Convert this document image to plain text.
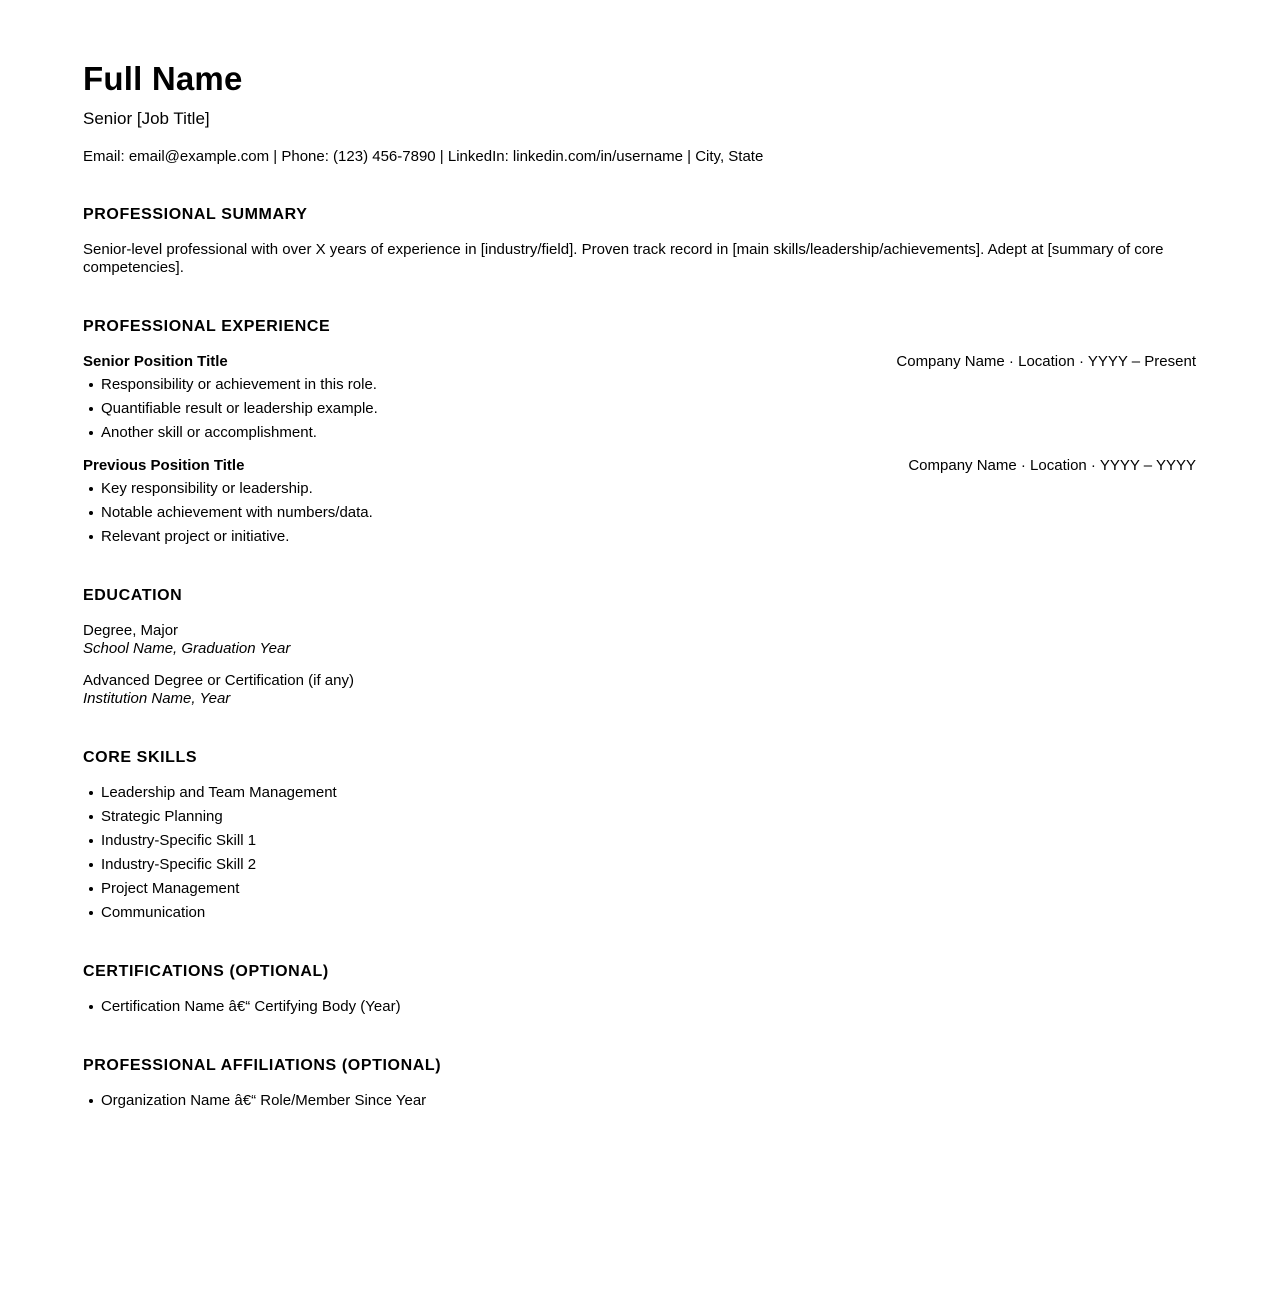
Full Name

Senior [Job Title]

Email: email@example.com | Phone: (123) 456-7890 | LinkedIn: linkedin.com/in/username | City, State

PROFESSIONAL SUMMARY

Senior-level professional with over X years of experience in [industry/field]. Proven track record in [main skills/leadership/achievements]. Adept at [summary of core competencies].

PROFESSIONAL EXPERIENCE
Senior Position Title	Company Name · Location · YYYY – Present
Responsibility or achievement in this role.
Quantifiable result or leadership example.
Another skill or accomplishment.
Previous Position Title	Company Name · Location · YYYY – YYYY
Key responsibility or leadership.
Notable achievement with numbers/data.
Relevant project or initiative.
EDUCATION
Degree, Major
School Name, Graduation Year
Advanced Degree or Certification (if any)
Institution Name, Year
CORE SKILLS
Leadership and Team Management
Strategic Planning
Industry-Specific Skill 1
Industry-Specific Skill 2
Project Management
Communication
CERTIFICATIONS (OPTIONAL)
Certification Name â€“ Certifying Body (Year)
PROFESSIONAL AFFILIATIONS (OPTIONAL)
Organization Name â€“ Role/Member Since Year
